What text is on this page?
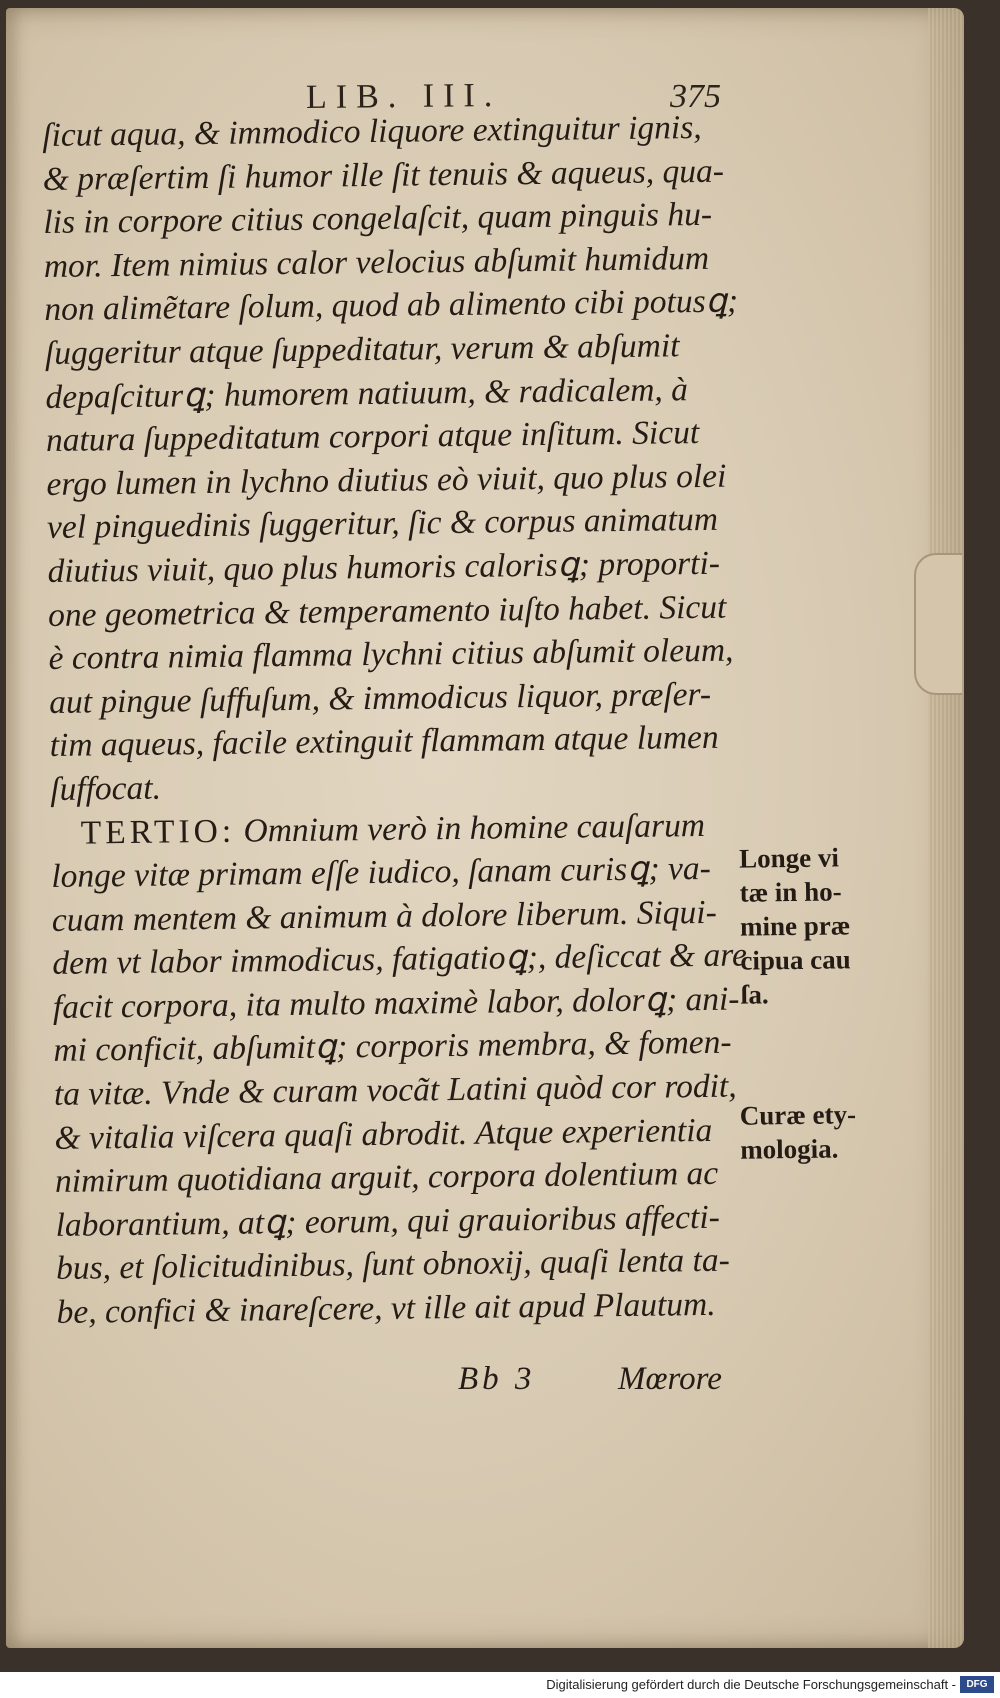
LIB. III.	375
ſicut aqua, & immodico liquore extinguitur ignis,
& præſertim ſi humor ille ſit tenuis & aqueus, qua-
lis in corpore citius congelaſcit, quam pinguis hu-
mor. Item nimius calor velocius abſumit humidum
non alimẽtare ſolum, quod ab alimento cibi potusꝗ;
ſuggeritur atque ſuppeditatur, verum & abſumit
depaſciturꝗ; humorem natiuum, & radicalem, à
natura ſuppeditatum corpori atque inſitum. Sicut
ergo lumen in lychno diutius eò viuit, quo plus olei
vel pinguedinis ſuggeritur, ſic & corpus animatum
diutius viuit, quo plus humoris calorisꝗ; proporti-
one geometrica & temperamento iuſto habet. Sicut
è contra nimia flamma lychni citius abſumit oleum,
aut pingue ſuffuſum, & immodicus liquor, præſer-
tim aqueus, facile extinguit flammam atque lumen
ſuffocat.
TERTIO: Omnium verò in homine cauſarum
longe vitæ primam eſſe iudico, ſanam curisꝗ; va-
cuam mentem & animum à dolore liberum. Siqui-
dem vt labor immodicus, fatigatioꝗ;, deſiccat & are
facit corpora, ita multo maximè labor, dolorꝗ; ani-
mi conficit, abſumitꝗ; corporis membra, & fomen-
ta vitæ. Vnde & curam vocãt Latini quòd cor rodit,
& vitalia viſcera quaſi abrodit. Atque experientia
nimirum quotidiana arguit, corpora dolentium ac
laborantium, atꝗ; eorum, qui grauioribus affecti-
bus, et ſolicitudinibus, ſunt obnoxij, quaſi lenta ta-
be, confici & inareſcere, vt ille ait apud Plautum.
Longe vi
tæ in ho-
mine præ
cipua cau
ſa.
Curæ ety-
mologia.
Bb 3	Mœrore
Digitalisierung gefördert durch die Deutsche Forschungsgemeinschaft -	DFG
